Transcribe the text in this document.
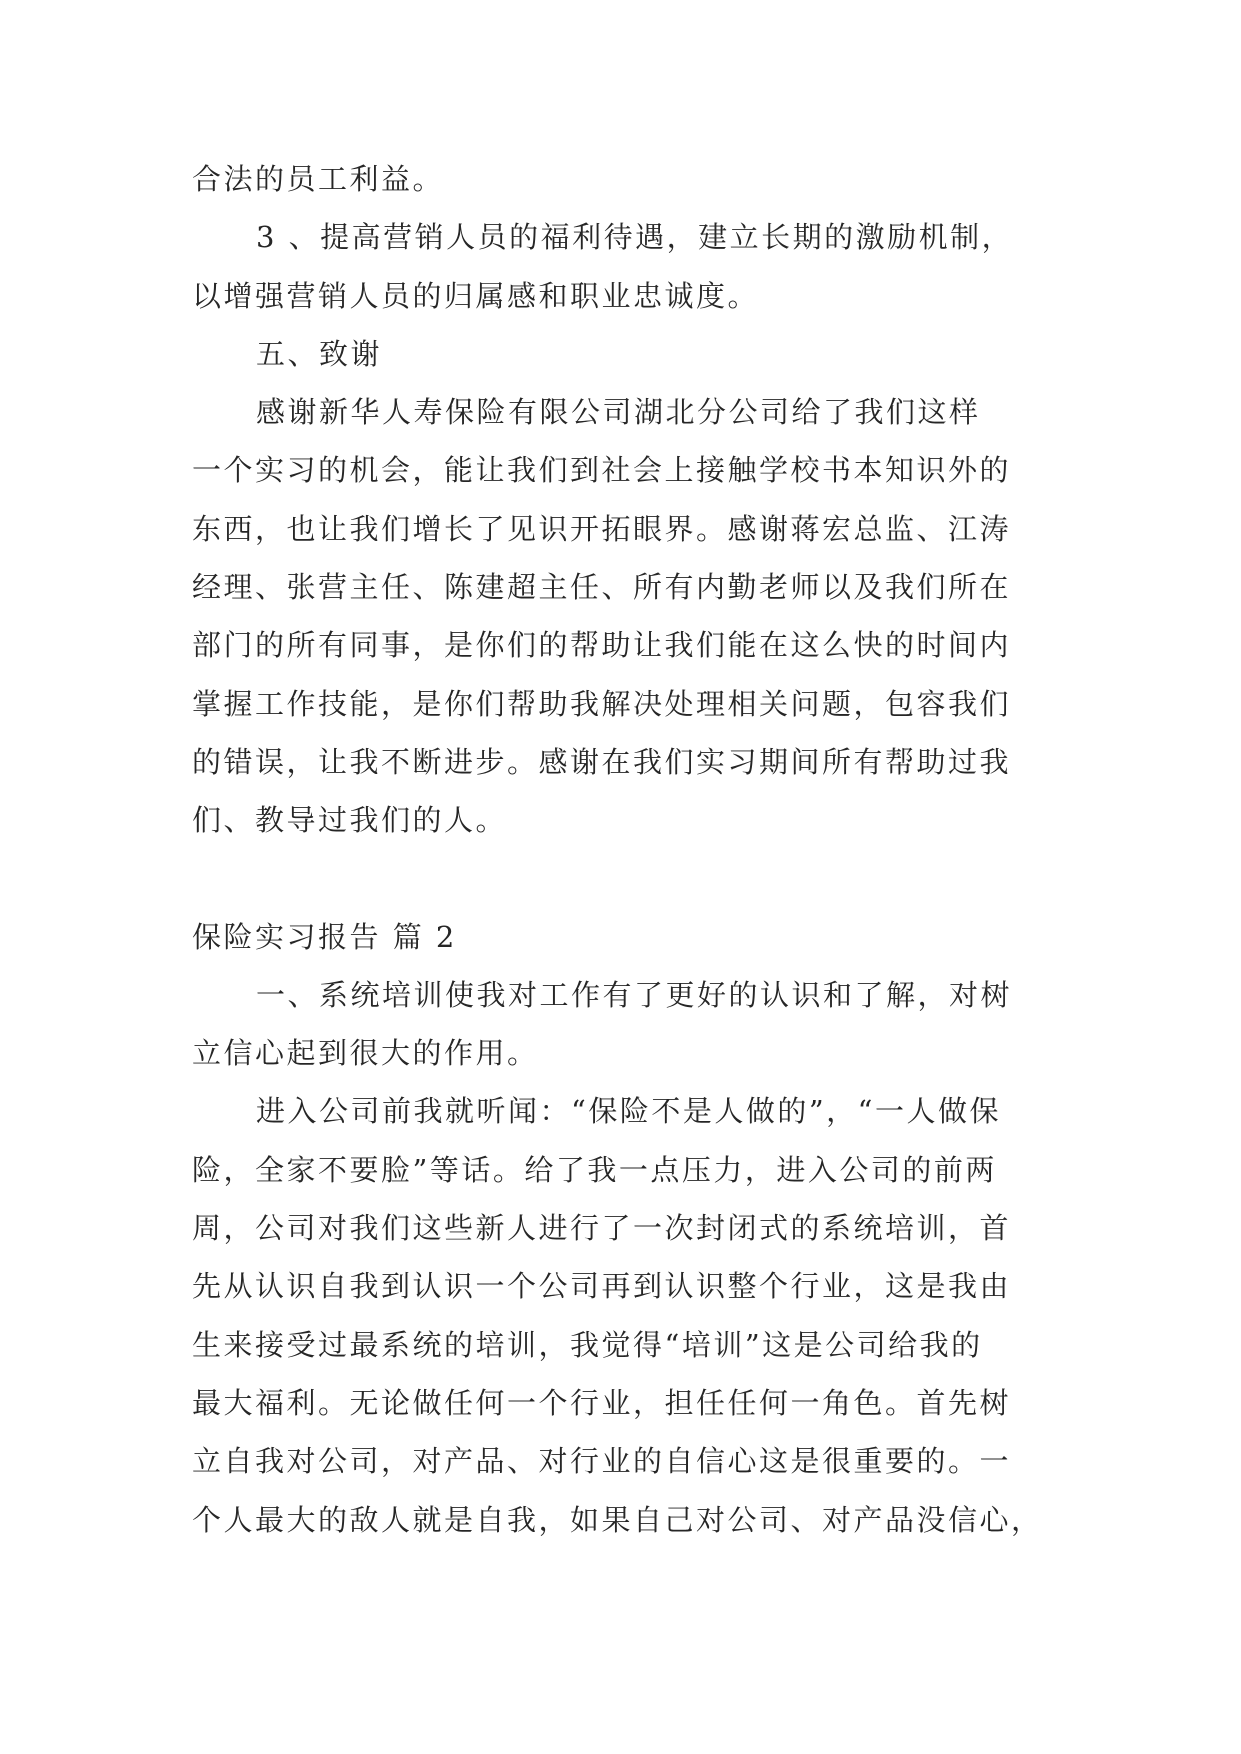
合法的员工利益。
3 、提高营销人员的福利待遇，建立长期的激励机制，
以增强营销人员的归属感和职业忠诚度。
五、致谢
感谢新华人寿保险有限公司湖北分公司给了我们这样
一个实习的机会，能让我们到社会上接触学校书本知识外的
东西，也让我们增长了见识开拓眼界。感谢蒋宏总监、江涛
经理、张营主任、陈建超主任、所有内勤老师以及我们所在
部门的所有同事，是你们的帮助让我们能在这么快的时间内
掌握工作技能，是你们帮助我解决处理相关问题，包容我们
的错误，让我不断进步。感谢在我们实习期间所有帮助过我
们、教导过我们的人。
保险实习报告 篇 2
一、系统培训使我对工作有了更好的认识和了解，对树
立信心起到很大的作用。
进入公司前我就听闻：“保险不是人做的”，“一人做保
险，全家不要脸”等话。给了我一点压力，进入公司的前两
周，公司对我们这些新人进行了一次封闭式的系统培训，首
先从认识自我到认识一个公司再到认识整个行业，这是我由
生来接受过最系统的培训，我觉得“培训”这是公司给我的
最大福利。无论做任何一个行业，担任任何一角色。首先树
立自我对公司，对产品、对行业的自信心这是很重要的。一
个人最大的敌人就是自我，如果自己对公司、对产品没信心，
